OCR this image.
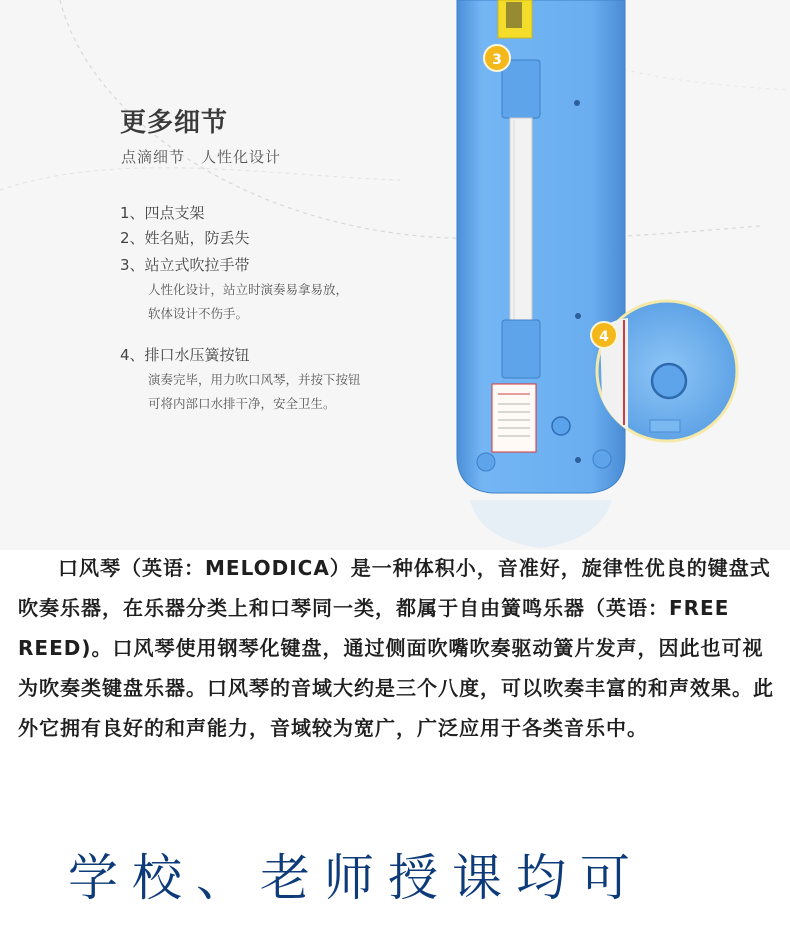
更多细节
点滴细节　人性化设计

1、四点支架

2、姓名贴，防丢失

3、站立式吹拉手带

人性化设计，站立时演奏易拿易放，

软体设计不伤手。

4、排口水压簧按钮

演奏完毕，用力吹口风琴，并按下按钮

可将内部口水排干净，安全卫生。

3
4

口风琴（英语：MELODICA）是一种体积小，音准好，旋律性优良的键盘式吹奏乐器，在乐器分类上和口琴同一类，都属于自由簧鸣乐器（英语：FREE REED)。口风琴使用钢琴化键盘，通过侧面吹嘴吹奏驱动簧片发声，因此也可视为吹奏类键盘乐器。口风琴的音域大约是三个八度，可以吹奏丰富的和声效果。此外它拥有良好的和声能力，音域较为宽广，广泛应用于各类音乐中。

学校、老师授课均可
